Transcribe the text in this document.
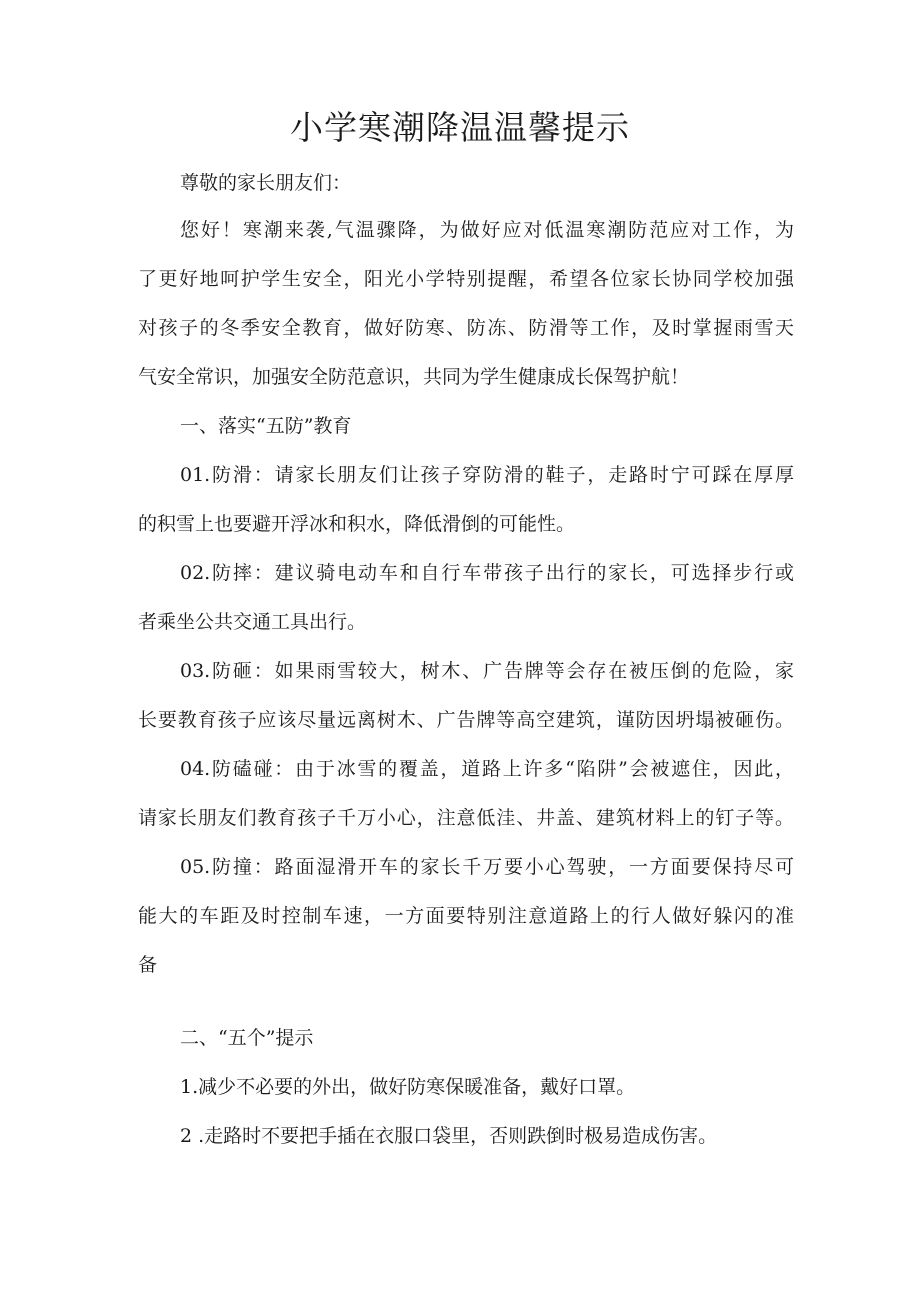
小学寒潮降温温馨提示

尊敬的家长朋友们：

您好！寒潮来袭,气温骤降，为做好应对低温寒潮防范应对工作，为

了更好地呵护学生安全，阳光小学特别提醒，希望各位家长协同学校加强

对孩子的冬季安全教育，做好防寒、防冻、防滑等工作，及时掌握雨雪天

气安全常识，加强安全防范意识，共同为学生健康成长保驾护航！

一、落实“五防”教育

01.防滑：请家长朋友们让孩子穿防滑的鞋子，走路时宁可踩在厚厚

的积雪上也要避开浮冰和积水，降低滑倒的可能性。

02.防摔：建议骑电动车和自行车带孩子出行的家长，可选择步行或

者乘坐公共交通工具出行。

03.防砸：如果雨雪较大，树木、广告牌等会存在被压倒的危险，家

长要教育孩子应该尽量远离树木、广告牌等高空建筑，谨防因坍塌被砸伤。

04.防磕碰：由于冰雪的覆盖，道路上许多“陷阱”会被遮住，因此，

请家长朋友们教育孩子千万小心，注意低洼、井盖、建筑材料上的钉子等。

05.防撞：路面湿滑开车的家长千万要小心驾驶，一方面要保持尽可

能大的车距及时控制车速，一方面要特别注意道路上的行人做好躲闪的准

备

二、“五个”提示

1.减少不必要的外出，做好防寒保暖准备，戴好口罩。

2 .走路时不要把手插在衣服口袋里，否则跌倒时极易造成伤害。
